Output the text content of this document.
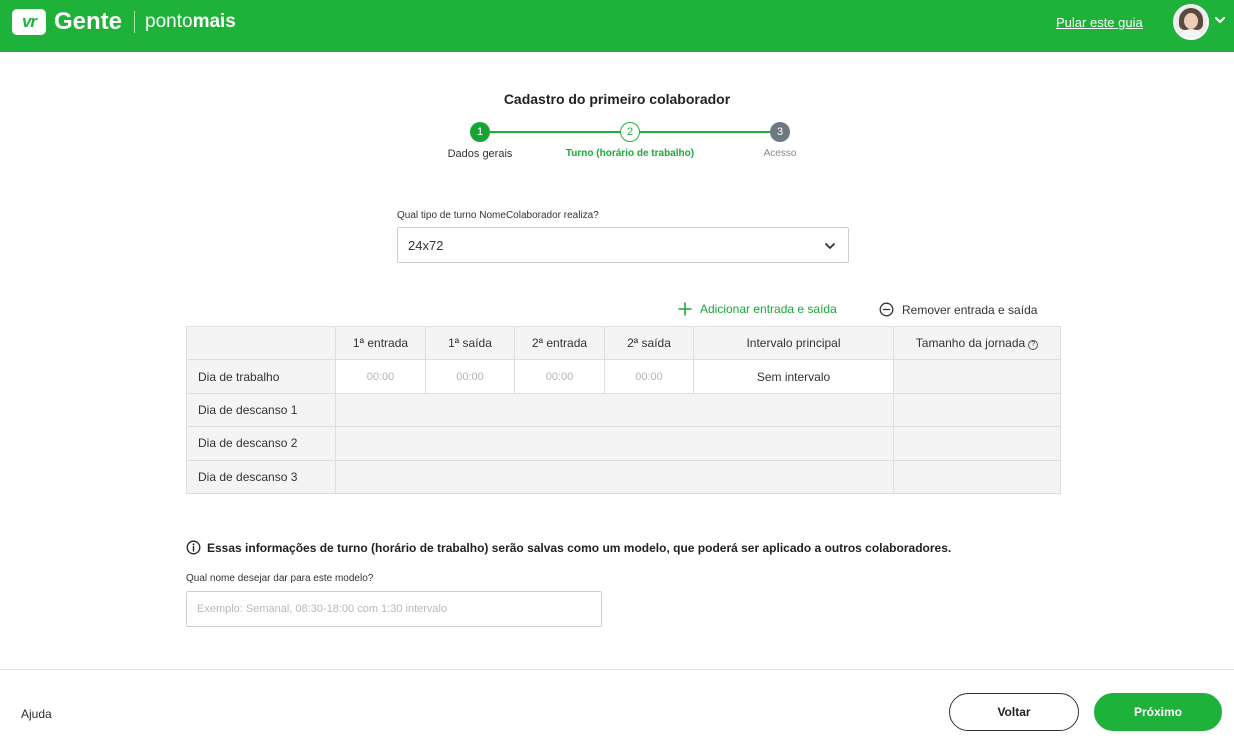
vr Gente pontomais	Pular este guia
Cadastro do primeiro colaborador
1	2	3
Dados gerais	Turno (horário de trabalho)	Acesso
Qual tipo de turno NomeColaborador realiza?
24x72
Adicionar entrada e saída	Remover entrada e saída
	1ª entrada	1ª saída	2ª entrada	2ª saída	Intervalo principal	Tamanho da jornada ?
Dia de trabalho	00:00	00:00	00:00	00:00	Sem intervalo	
Dia de descanso 1						
Dia de descanso 2						
Dia de descanso 3						
Essas informações de turno (horário de trabalho) serão salvas como um modelo, que poderá ser aplicado a outros colaboradores.
Qual nome desejar dar para este modelo?
Exemplo: Semanal, 08:30-18:00 com 1:30 intervalo
Ajuda	Voltar	Próximo
